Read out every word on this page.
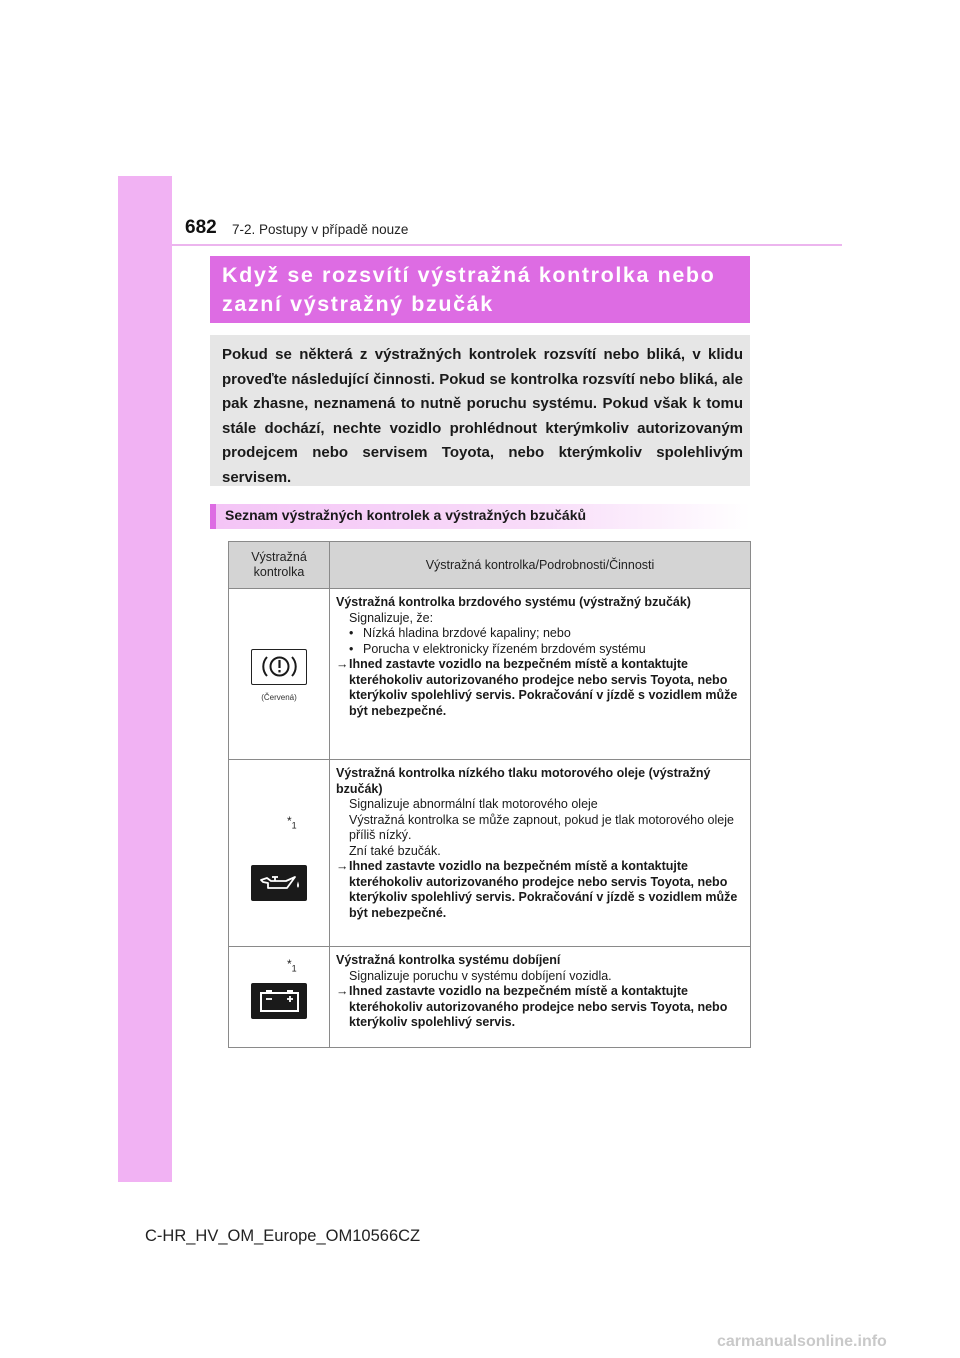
682 7-2. Postupy v případě nouze
Když se rozsvítí výstražná kontrolka nebo
zazní výstražný bzučák

Pokud se některá z výstražných kontrolek rozsvítí nebo bliká, v klidu proveďte následující činnosti. Pokud se kontrolka rozsvítí nebo bliká, ale pak zhasne, neznamená to nutně poruchu systému. Pokud však k tomu stále dochází, nechte vozidlo prohlédnout kterýmkoliv autorizovaným prodejcem nebo servisem Toyota, nebo kterýmkoliv spolehlivým servisem.

Seznam výstražných kontrolek a výstražných bzučáků
Výstražná
kontrolka	Výstražná kontrolka/Podrobnosti/Činnosti

(Červená)	Výstražná kontrolka brzdového systému (výstražný bzučák)
Signalizuje, že:
• Nízká hladina brzdové kapaliny; nebo
• Porucha v elektronicky řízeném brzdovém systému
→Ihned zastavte vozidlo na bezpečném místě a kontaktujte kteréhokoliv autorizovaného prodejce nebo servis Toyota, nebo kterýkoliv spolehlivý servis. Pokračování v jízdě s vozidlem může být nebezpečné.

$*_1$	Výstražná kontrolka nízkého tlaku motorového oleje (výstražný bzučák)
Signalizuje abnormální tlak motorového oleje
Výstražná kontrolka se může zapnout, pokud je tlak motorového oleje příliš nízký.
Zní také bzučák.
→Ihned zastavte vozidlo na bezpečném místě a kontaktujte kteréhokoliv autorizovaného prodejce nebo servis Toyota, nebo kterýkoliv spolehlivý servis. Pokračování v jízdě s vozidlem může být nebezpečné.

$*_1$	Výstražná kontrolka systému dobíjení
Signalizuje poruchu v systému dobíjení vozidla.
→Ihned zastavte vozidlo na bezpečném místě a kontaktujte kteréhokoliv autorizovaného prodejce nebo servis Toyota, nebo kterýkoliv spolehlivý servis.
C-HR_HV_OM_Europe_OM10566CZ
carmanualsonline.info
